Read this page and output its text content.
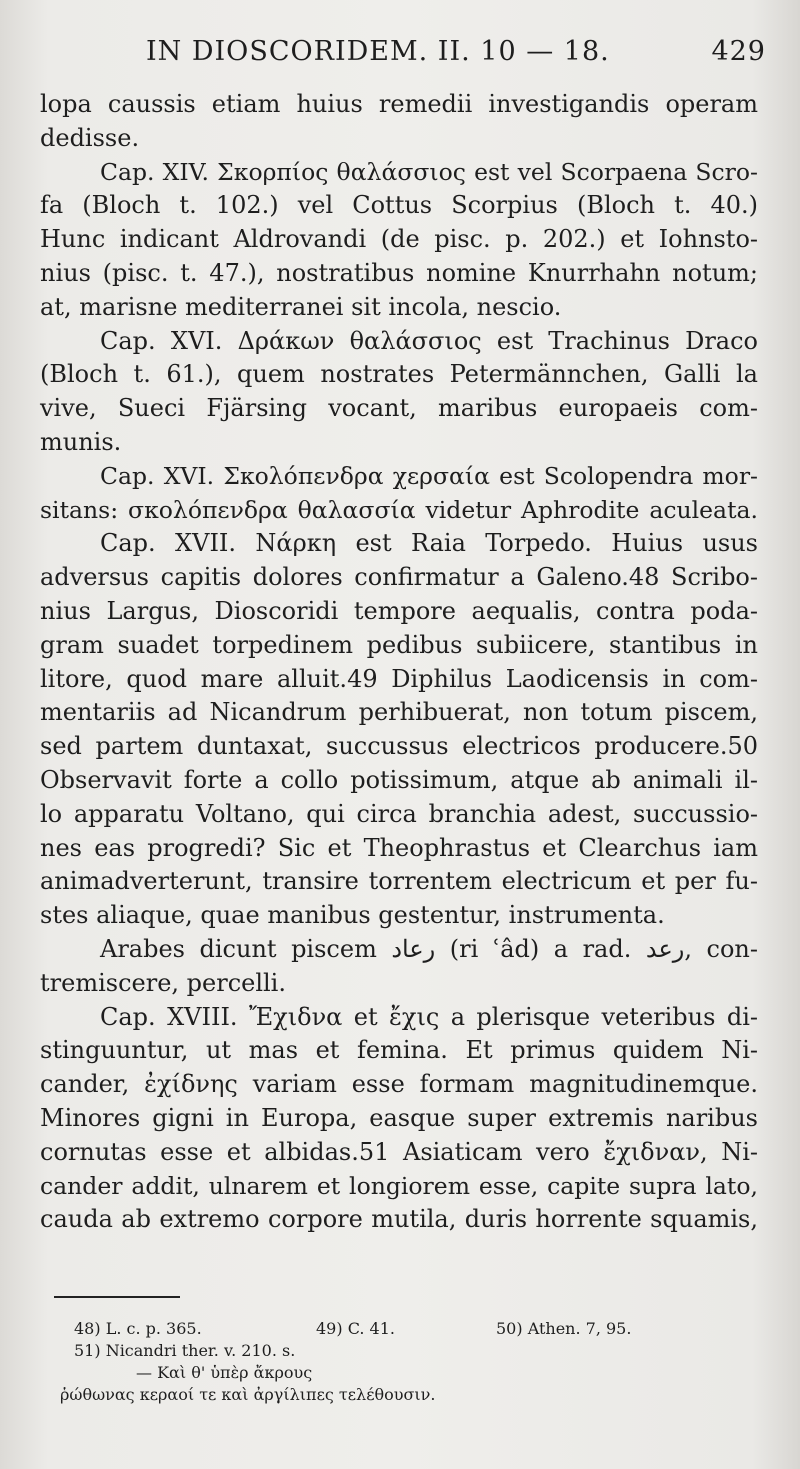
IN DIOSCORIDEM. II. 10 — 18.	429
lopa caussis etiam huius remedii investigandis operam
dedisse.
Cap. XIV. Σκορπίος θαλάσσιος est vel Scorpaena Scro-
fa (Bloch t. 102.) vel Cottus Scorpius (Bloch t. 40.)
Hunc indicant Aldrovandi (de pisc. p. 202.) et Iohnsto-
nius (pisc. t. 47.), nostratibus nomine Knurrhahn notum;
at, marisne mediterranei sit incola, nescio.
Cap. XVI. Δράκων θαλάσσιος est Trachinus Draco
(Bloch t. 61.), quem nostrates Petermännchen, Galli la
vive, Sueci Fjärsing vocant, maribus europaeis com-
munis.
Cap. XVI. Σκολόπενδρα χερσαία est Scolopendra mor-
sitans: σκολόπενδρα θαλασσία videtur Aphrodite aculeata.
Cap. XVII. Νάρκη est Raia Torpedo. Huius usus
adversus capitis dolores confirmatur a Galeno.48 Scribo-
nius Largus, Dioscoridi tempore aequalis, contra poda-
gram suadet torpedinem pedibus subiicere, stantibus in
litore, quod mare alluit.49 Diphilus Laodicensis in com-
mentariis ad Nicandrum perhibuerat, non totum piscem,
sed partem duntaxat, succussus electricos producere.50
Observavit forte a collo potissimum, atque ab animali il-
lo apparatu Voltano, qui circa branchia adest, succussio-
nes eas progredi? Sic et Theophrastus et Clearchus iam
animadverterunt, transire torrentem electricum et per fu-
stes aliaque, quae manibus gestentur, instrumenta.
Arabes dicunt piscem رعاد (ri ʿâd) a rad. رعد, con-
tremiscere, percelli.
Cap. XVIII. Ἔχιδνα et ἔχις a plerisque veteribus di-
stinguuntur, ut mas et femina. Et primus quidem Ni-
cander, ἐχίδνης variam esse formam magnitudinemque.
Minores gigni in Europa, easque super extremis naribus
cornutas esse et albidas.51 Asiaticam vero ἔχιδναν, Ni-
cander addit, ulnarem et longiorem esse, capite supra lato,
cauda ab extremo corpore mutila, duris horrente squamis,
48) L. c. p. 365.	49) C. 41.	50) Athen. 7, 95.
51) Nicandri ther. v. 210. s.
— Καὶ θ' ὑπὲρ ἄκρους
ῥώθωνας κεραοί τε καὶ ἀργίλιπες τελέθουσιν.
